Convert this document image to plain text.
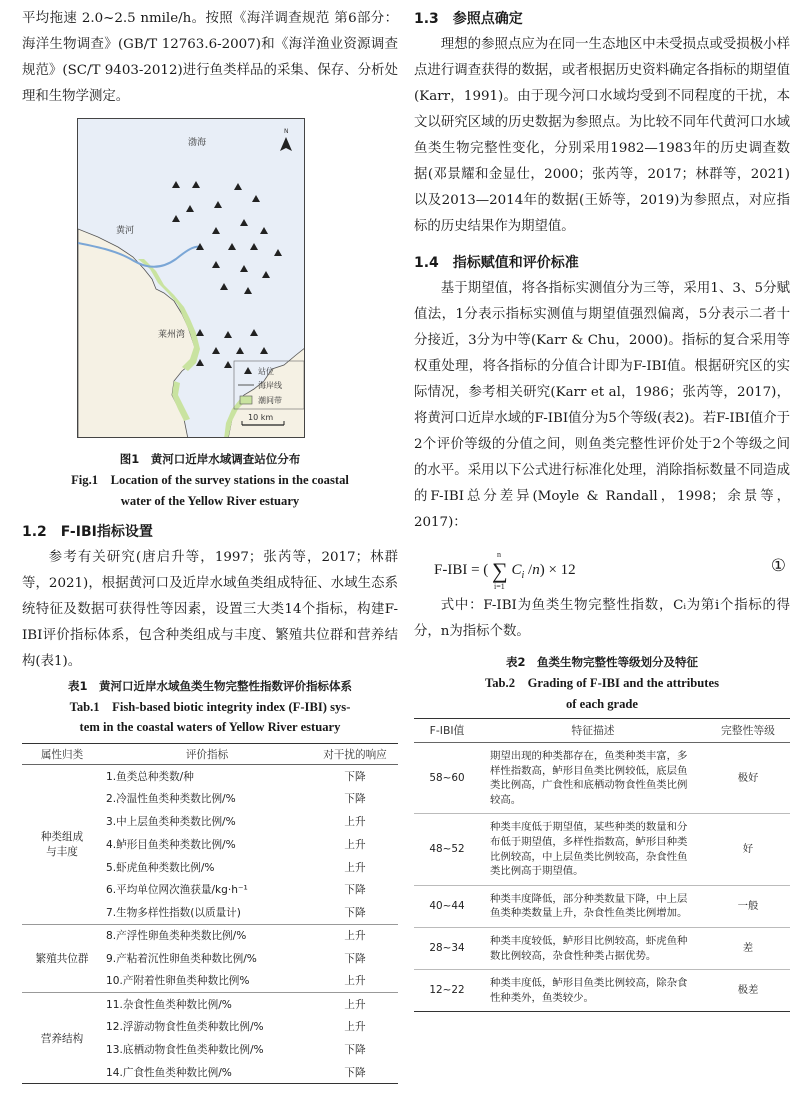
平均拖速 2.0~2.5 nmile/h。按照《海洋调查规范 第6部分：海洋生物调查》(GB/T 12763.6-2007)和《海洋渔业资源调查规范》(SC/T 9403-2012)进行鱼类样品的采集、保存、分析处理和生物学测定。

黄河
渤海
莱州湾
N
站位
海岸线
潮间带
10 km
图1　黄河口近岸水域调查站位分布
Fig.1　Location of the survey stations in the coastal
water of the Yellow River estuary
1.2　F-IBI指标设置

参考有关研究(唐启升等，1997；张芮等，2017；林群等，2021)，根据黄河口及近岸水域鱼类组成特征、水域生态系统特征及数据可获得性等因素，设置三大类14个指标，构建F-IBI评价指标体系，包含种类组成与丰度、繁殖共位群和营养结构(表1)。

表1　黄河口近岸水域鱼类生物完整性指数评价指标体系
Tab.1　Fish-based biotic integrity index (F-IBI) sys-
tem in the coastal waters of Yellow River estuary
属性归类	评价指标	对干扰的响应
种类组成与丰度	1.鱼类总种类数/种	下降
	2.冷温性鱼类种类数比例/%	下降
	3.中上层鱼类种类数比例/%	上升
	4.鲈形目鱼类种类数比例/%	上升
	5.虾虎鱼种类数比例/%	上升
	6.平均单位网次渔获量/kg·h⁻¹	下降
	7.生物多样性指数(以质量计)	下降
繁殖共位群	8.产浮性卵鱼类种类数比例/%	上升
	9.产粘着沉性卵鱼类种数比例/%	下降
	10.产附着性卵鱼类种数比例%	上升
营养结构	11.杂食性鱼类种数比例/%	上升
	12.浮游动物食性鱼类种数比例/%	上升
	13.底栖动物食性鱼类种数比例/%	下降
	14.广食性鱼类种数比例/%	下降
1.3　参照点确定

理想的参照点应为在同一生态地区中未受损点或受损极小样点进行调查获得的数据，或者根据历史资料确定各指标的期望值(Karr，1991)。由于现今河口水域均受到不同程度的干扰，本文以研究区域的历史数据为参照点。为比较不同年代黄河口水域鱼类生物完整性变化，分别采用1982—1983年的历史调查数据(邓景耀和金显仕，2000；张芮等，2017；林群等，2021)以及2013—2014年的数据(王娇等，2019)为参照点，对应指标的历史结果作为期望值。

1.4　指标赋值和评价标准

基于期望值，将各指标实测值分为三等，采用1、3、5分赋值法，1分表示指标实测值与期望值强烈偏离，5分表示二者十分接近，3分为中等(Karr & Chu，2000)。指标的复合采用等权重处理，将各指标的分值合计即为F-IBI值。根据研究区的实际情况，参考相关研究(Karr et al，1986；张芮等，2017)，将黄河口近岸水域的F-IBI值分为5个等级(表2)。若F-IBI值介于2个评价等级的分值之间，则鱼类完整性评价处于2个等级之间的水平。采用以下公式进行标准化处理，消除指标数量不同造成的F-IBI总分差异(Moyle & Randall，1998；余景等，2017)：

F-IBI = ( ∑
n
i=1
$C_i$ /n) × 12	①

式中：F-IBI为鱼类生物完整性指数，Cᵢ为第i个指标的得分，n为指标个数。

表2　鱼类生物完整性等级划分及特征
Tab.2　Grading of F-IBI and the attributes
of each grade
F-IBI值	特征描述	完整性等级
58~60	期望出现的种类都存在，鱼类种类丰富，多样性指数高，鲈形目鱼类比例较低，底层鱼类比例高，广食性和底栖动物食性鱼类比例较高。	极好
48~52	种类丰度低于期望值，某些种类的数量和分布低于期望值，多样性指数高，鲈形目种类比例较高，中上层鱼类比例较高，杂食性鱼类比例高于期望值。	好
40~44	种类丰度降低，部分种类数量下降，中上层鱼类种类数量上升，杂食性鱼类比例增加。	一般
28~34	种类丰度较低，鲈形目比例较高，虾虎鱼种数比例较高，杂食性种类占据优势。	差
12~22	种类丰度低，鲈形目鱼类比例较高，除杂食性种类外，鱼类较少。	极差
